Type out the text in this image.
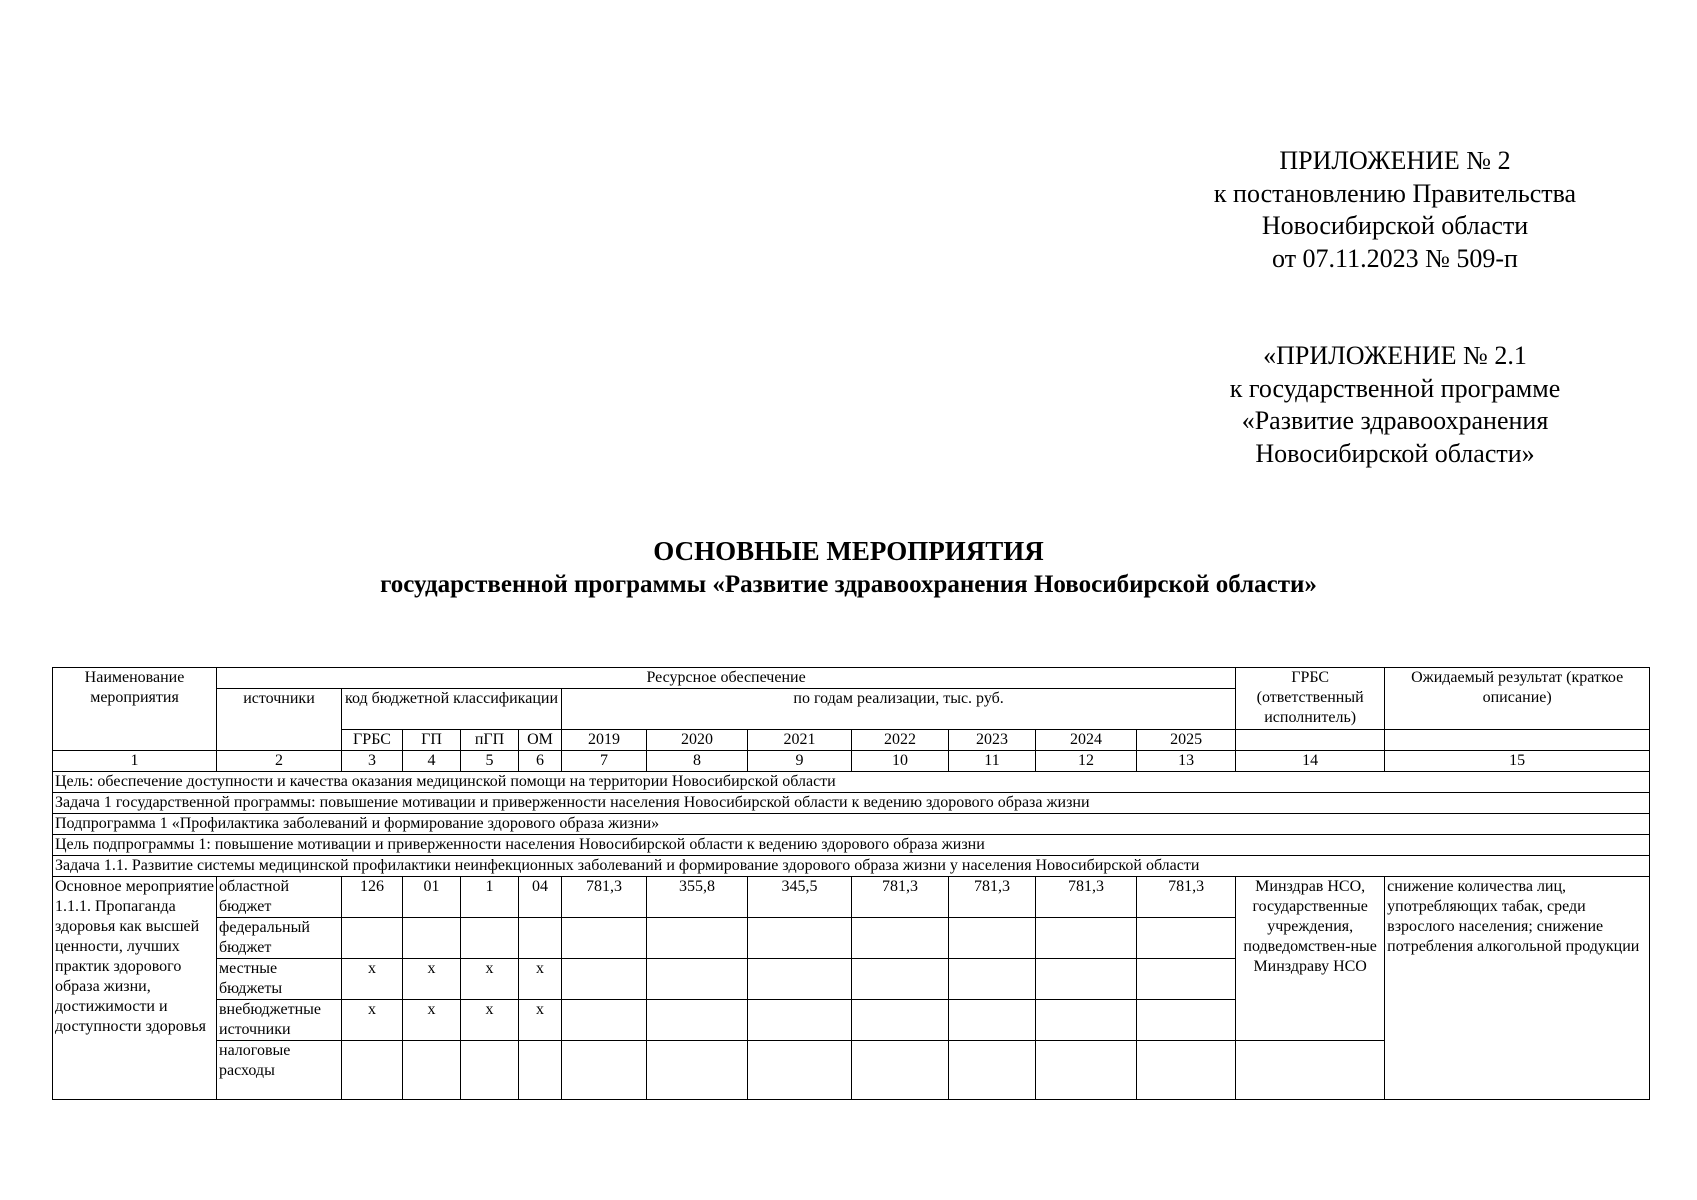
ПРИЛОЖЕНИЕ № 2
к постановлению Правительства
Новосибирской области
от 07.11.2023 № 509-п
«ПРИЛОЖЕНИЕ № 2.1
к государственной программе
«Развитие здравоохранения
Новосибирской области»
ОСНОВНЫЕ МЕРОПРИЯТИЯ
государственной программы «Развитие здравоохранения Новосибирской области»
Наименование мероприятия	Ресурсное обеспечение												ГРБС (ответственный исполнитель)	Ожидаемый результат (краткое описание)
	источники	код бюджетной классификации				по годам реализации, тыс. руб.								
		ГРБС	ГП	пГП	ОМ	2019	2020	2021	2022	2023	2024	2025		
1	2	3	4	5	6	7	8	9	10	11	12	13	14	15
Цель: обеспечение доступности и качества оказания медицинской помощи на территории Новосибирской области														
Задача 1 государственной программы: повышение мотивации и приверженности населения Новосибирской области к ведению здорового образа жизни														
Подпрограмма 1 «Профилактика заболеваний и формирование здорового образа жизни»														
Цель подпрограммы 1: повышение мотивации и приверженности населения Новосибирской области к ведению здорового образа жизни														
Задача 1.1. Развитие системы медицинской профилактики неинфекционных заболеваний и формирование здорового образа жизни у населения Новосибирской области														
Основное мероприятие 1.1.1. Пропаганда здоровья как высшей ценности, лучших практик здорового образа жизни, достижимости и доступности здоровья	областной бюджет	126	01	1	04	781,3	355,8	345,5	781,3	781,3	781,3	781,3	Минздрав НСО, государственные учреждения, подведомствен-ные Минздраву НСО	снижение количества лиц, употребляющих табак, среди взрослого населения; снижение потребления алкогольной продукции
	федеральный бюджет													
	местные бюджеты	х	х	х	х									
	внебюджетные источники	х	х	х	х									
	налоговые расходы													
